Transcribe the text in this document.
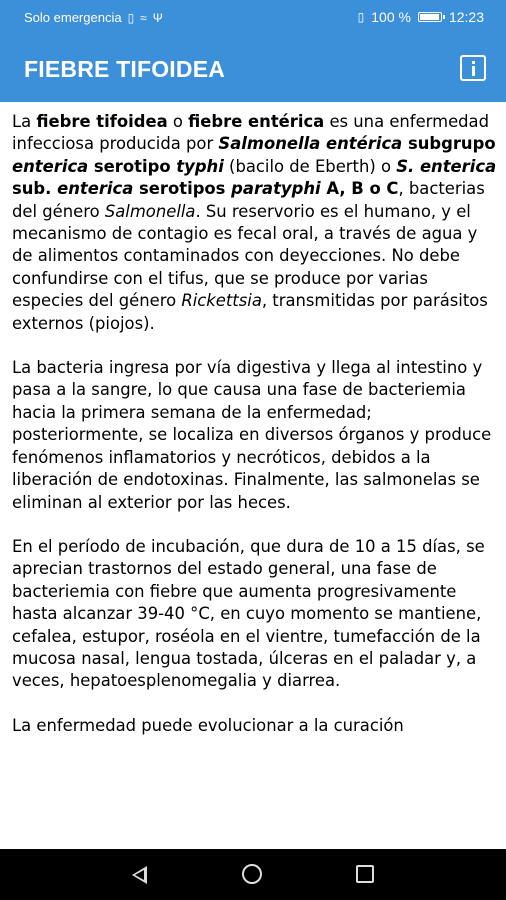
Solo emergencia ▯ ≈ Ψ	▯ 100 %	12:23
FIEBRE TIFOIDEA

La fiebre tifoidea o fiebre entérica es una enfermedad infecciosa producida por Salmonella entérica subgrupo enterica serotipo typhi (bacilo de Eberth) o S. enterica sub. enterica serotipos paratyphi A, B o C, bacterias del género Salmonella. Su reservorio es el humano, y el mecanismo de contagio es fecal oral, a través de agua y de alimentos contaminados con deyecciones. No debe confundirse con el tifus, que se produce por varias especies del género Rickettsia, transmitidas por parásitos externos (piojos).

La bacteria ingresa por vía digestiva y llega al intestino y pasa a la sangre, lo que causa una fase de bacteriemia hacia la primera semana de la enfermedad; posteriormente, se localiza en diversos órganos y produce fenómenos inflamatorios y necróticos, debidos a la liberación de endotoxinas. Finalmente, las salmonelas se eliminan al exterior por las heces.

En el período de incubación, que dura de 10 a 15 días, se aprecian trastornos del estado general, una fase de bacteriemia con fiebre que aumenta progresivamente hasta alcanzar 39-40 °C, en cuyo momento se mantiene, cefalea, estupor, roséola en el vientre, tumefacción de la mucosa nasal, lengua tostada, úlceras en el paladar y, a veces, hepatoesplenomegalia y diarrea.

La enfermedad puede evolucionar a la curación
